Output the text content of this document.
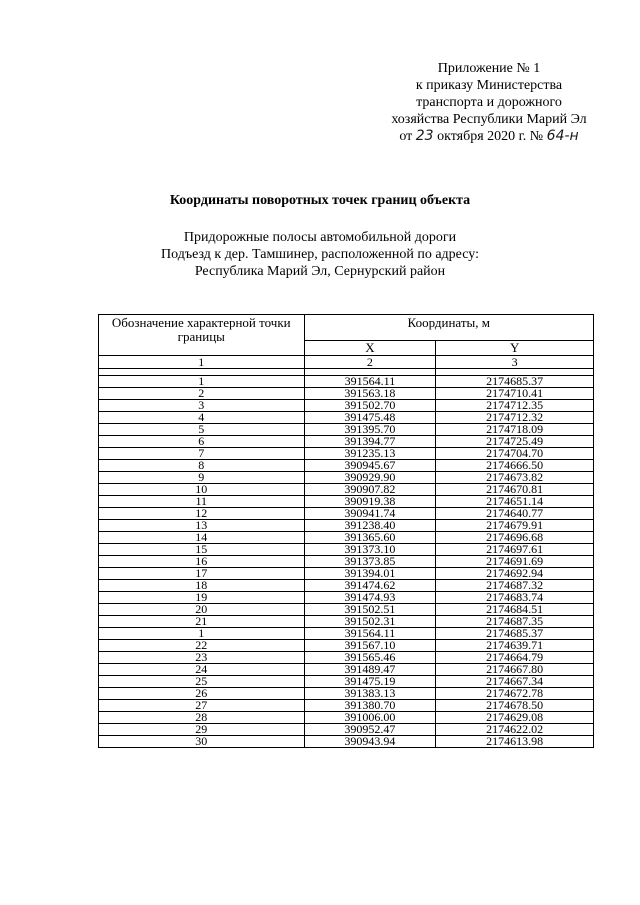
Приложение № 1
к приказу Министерства
транспорта и дорожного
хозяйства Республики Марий Эл
от 23 октября 2020 г. № 64-н
Координаты поворотных точек границ объекта
Придорожные полосы автомобильной дороги
Подъезд к дер. Тамшинер, расположенной по адресу:
Республика Марий Эл, Сернурский район
Обозначение характерной точки границы	Координаты, м	
	X	Y
1	2	3

1	391564.11	2174685.37
2	391563.18	2174710.41
3	391502.70	2174712.35
4	391475.48	2174712.32
5	391395.70	2174718.09
6	391394.77	2174725.49
7	391235.13	2174704.70
8	390945.67	2174666.50
9	390929.90	2174673.82
10	390907.82	2174670.81
11	390919.38	2174651.14
12	390941.74	2174640.77
13	391238.40	2174679.91
14	391365.60	2174696.68
15	391373.10	2174697.61
16	391373.85	2174691.69
17	391394.01	2174692.94
18	391474.62	2174687.32
19	391474.93	2174683.74
20	391502.51	2174684.51
21	391502.31	2174687.35
1	391564.11	2174685.37
22	391567.10	2174639.71
23	391565.46	2174664.79
24	391489.47	2174667.80
25	391475.19	2174667.34
26	391383.13	2174672.78
27	391380.70	2174678.50
28	391006.00	2174629.08
29	390952.47	2174622.02
30	390943.94	2174613.98
